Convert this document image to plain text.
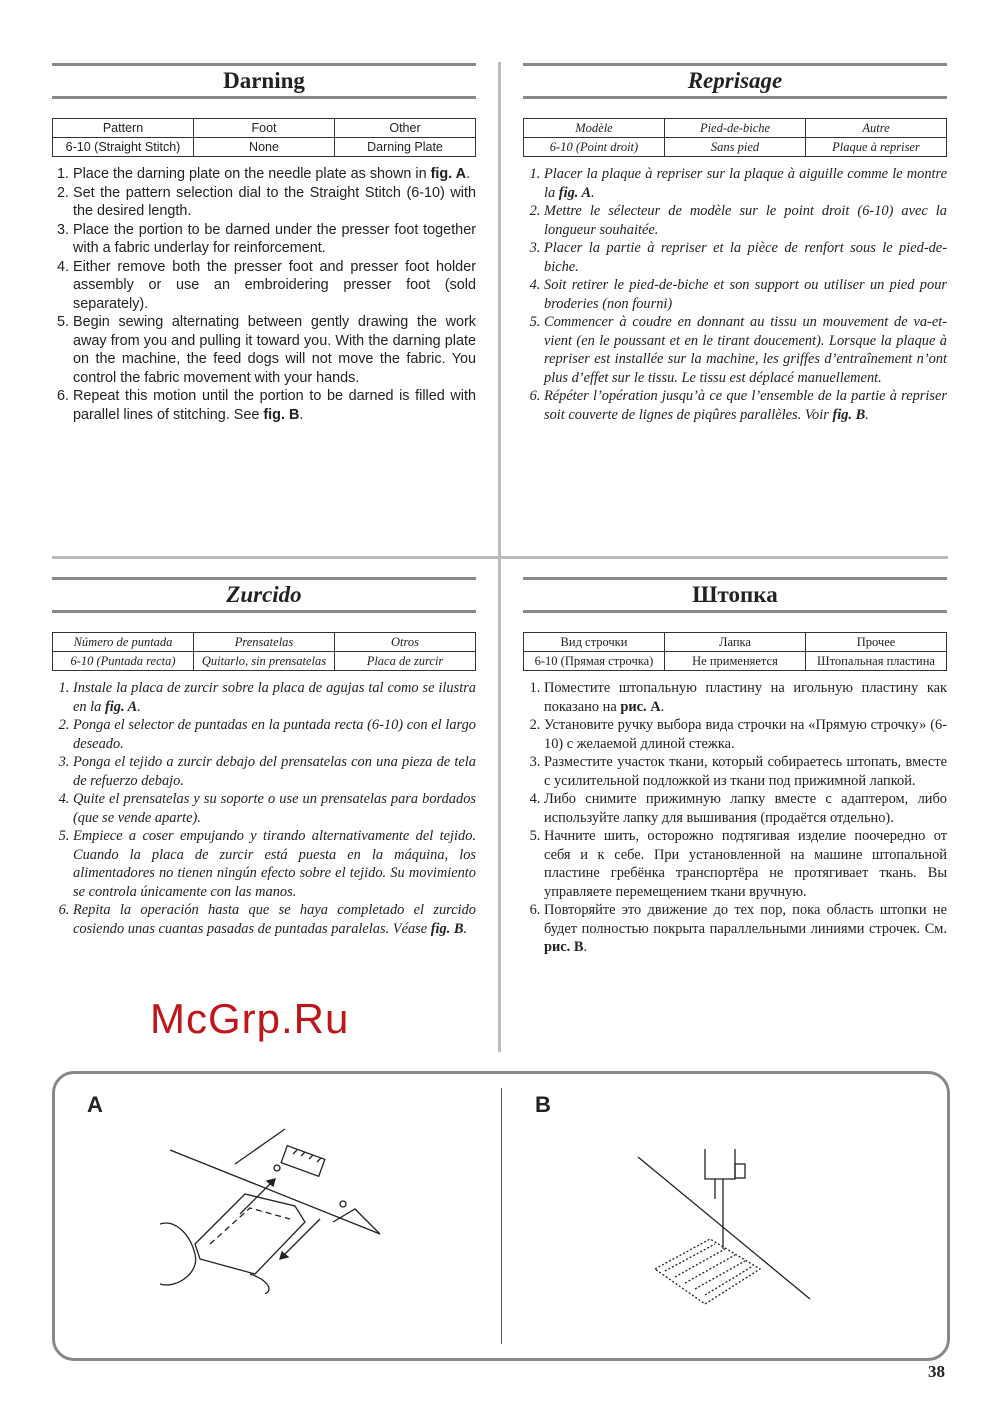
Darning
Pattern	Foot	Other
6-10 (Straight Stitch)	None	Darning Plate
1. Place the darning plate on the needle plate as shown in fig. A.
2. Set the pattern selection dial to the Straight Stitch (6-10) with the desired length.
3. Place the portion to be darned under the presser foot together with a fabric underlay for reinforcement.
4. Either remove both the presser foot and presser foot holder assembly or use an embroidering presser foot (sold separately).
5. Begin sewing alternating between gently drawing the work away from you and pulling it toward you. With the darning plate on the machine, the feed dogs will not move the fabric. You control the fabric movement with your hands.
6. Repeat this motion until the portion to be darned is filled with parallel lines of stitching. See fig. B.
Reprisage
Modèle	Pied-de-biche	Autre
6-10 (Point droit)	Sans pied	Plaque à repriser
1. Placer la plaque à repriser sur la plaque à aiguille comme le montre la fig. A.
2. Mettre le sélecteur de modèle sur le point droit (6-10) avec la longueur souhaitée.
3. Placer la partie à repriser et la pièce de renfort sous le pied-de-biche.
4. Soit retirer le pied-de-biche et son support ou utiliser un pied pour broderies (non fourni)
5. Commencer à coudre en donnant au tissu un mouvement de va-et-vient (en le poussant et en le tirant doucement). Lorsque la plaque à repriser est installée sur la machine, les griffes d’entraînement n’ont plus d’effet sur le tissu. Le tissu est déplacé manuellement.
6. Répéter l’opération jusqu’à ce que l’ensemble de la partie à repriser soit couverte de lignes de piqûres parallèles. Voir fig. B.
Zurcido
Número de puntada	Prensatelas	Otros
6-10 (Puntada recta)	Quitarlo, sin prensatelas	Placa de zurcir
1. Instale la placa de zurcir sobre la placa de agujas tal como se ilustra en la fig. A.
2. Ponga el selector de puntadas en la puntada recta (6-10) con el largo deseado.
3. Ponga el tejido a zurcir debajo del prensatelas con una pieza de tela de refuerzo debajo.
4. Quite el prensatelas y su soporte o use un prensatelas para bordados (que se vende aparte).
5. Empiece a coser empujando y tirando alternativamente del tejido. Cuando la placa de zurcir está puesta en la máquina, los alimentadores no tienen ningún efecto sobre el tejido. Su movimiento se controla únicamente con las manos.
6. Repita la operación hasta que se haya completado el zurcido cosiendo unas cuantas pasadas de puntadas paralelas. Véase fig. B.
Штопка
Вид строчки	Лапка	Прочее
6-10 (Прямая строчка)	Не применяется	Штопальная пластина
1. Поместите штопальную пластину на игольную пластину как показано на рис. A.
2. Установите ручку выбора вида строчки на «Прямую строчку» (6-10) с желаемой длиной стежка.
3. Разместите участок ткани, который собираетесь штопать, вместе с усилительной подложкой из ткани под прижимной лапкой.
4. Либо снимите прижимную лапку вместе с адаптером, либо используйте лапку для вышивания (продаётся отдельно).
5. Начните шить, осторожно подтягивая изделие поочередно от себя и к себе. При установленной на машине штопальной пластине гребёнка транспортёра не протягивает ткань. Вы управляете перемещением ткани вручную.
6. Повторяйте это движение до тех пор, пока область штопки не будет полностью покрыта параллельными линиями строчек. См. рис. B.
A	B
38
McGrp.Ru
